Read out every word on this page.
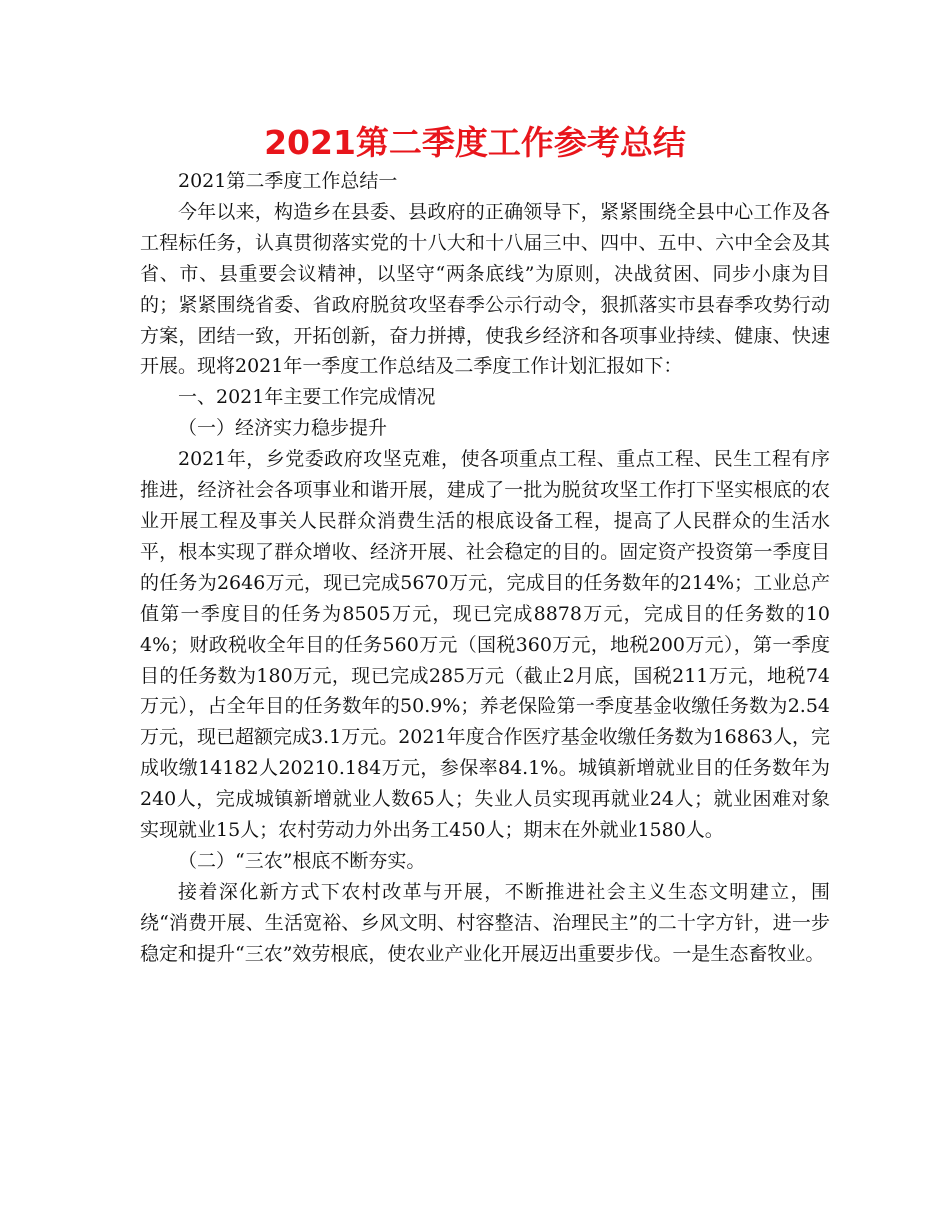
2021第二季度工作参考总结

2021第二季度工作总结一

今年以来，构造乡在县委、县政府的正确领导下，紧紧围绕全县中心工作及各工程标任务，认真贯彻落实党的十八大和十八届三中、四中、五中、六中全会及其省、市、县重要会议精神，以坚守“两条底线”为原则，决战贫困、同步小康为目的；紧紧围绕省委、省政府脱贫攻坚春季公示行动令，狠抓落实市县春季攻势行动方案，团结一致，开拓创新，奋力拼搏，使我乡经济和各项事业持续、健康、快速开展。现将2021年一季度工作总结及二季度工作计划汇报如下：

一、2021年主要工作完成情况

（一）经济实力稳步提升

2021年，乡党委政府攻坚克难，使各项重点工程、重点工程、民生工程有序推进，经济社会各项事业和谐开展，建成了一批为脱贫攻坚工作打下坚实根底的农业开展工程及事关人民群众消费生活的根底设备工程，提高了人民群众的生活水平，根本实现了群众增收、经济开展、社会稳定的目的。固定资产投资第一季度目的任务为2646万元，现已完成5670万元，完成目的任务数年的214%；工业总产值第一季度目的任务为8505万元，现已完成8878万元，完成目的任务数的104%；财政税收全年目的任务560万元（国税360万元，地税200万元），第一季度目的任务数为180万元，现已完成285万元（截止2月底，国税211万元，地税74万元），占全年目的任务数年的50.9%；养老保险第一季度基金收缴任务数为2.54万元，现已超额完成3.1万元。2021年度合作医疗基金收缴任务数为16863人，完成收缴14182人20210.184万元，参保率84.1%。城镇新增就业目的任务数年为240人，完成城镇新增就业人数65人；失业人员实现再就业24人；就业困难对象实现就业15人；农村劳动力外出务工450人；期末在外就业1580人。

（二）“三农”根底不断夯实。

接着深化新方式下农村改革与开展，不断推进社会主义生态文明建立，围绕“消费开展、生活宽裕、乡风文明、村容整洁、治理民主”的二十字方针，进一步稳定和提升“三农”效劳根底，使农业产业化开展迈出重要步伐。一是生态畜牧业。
